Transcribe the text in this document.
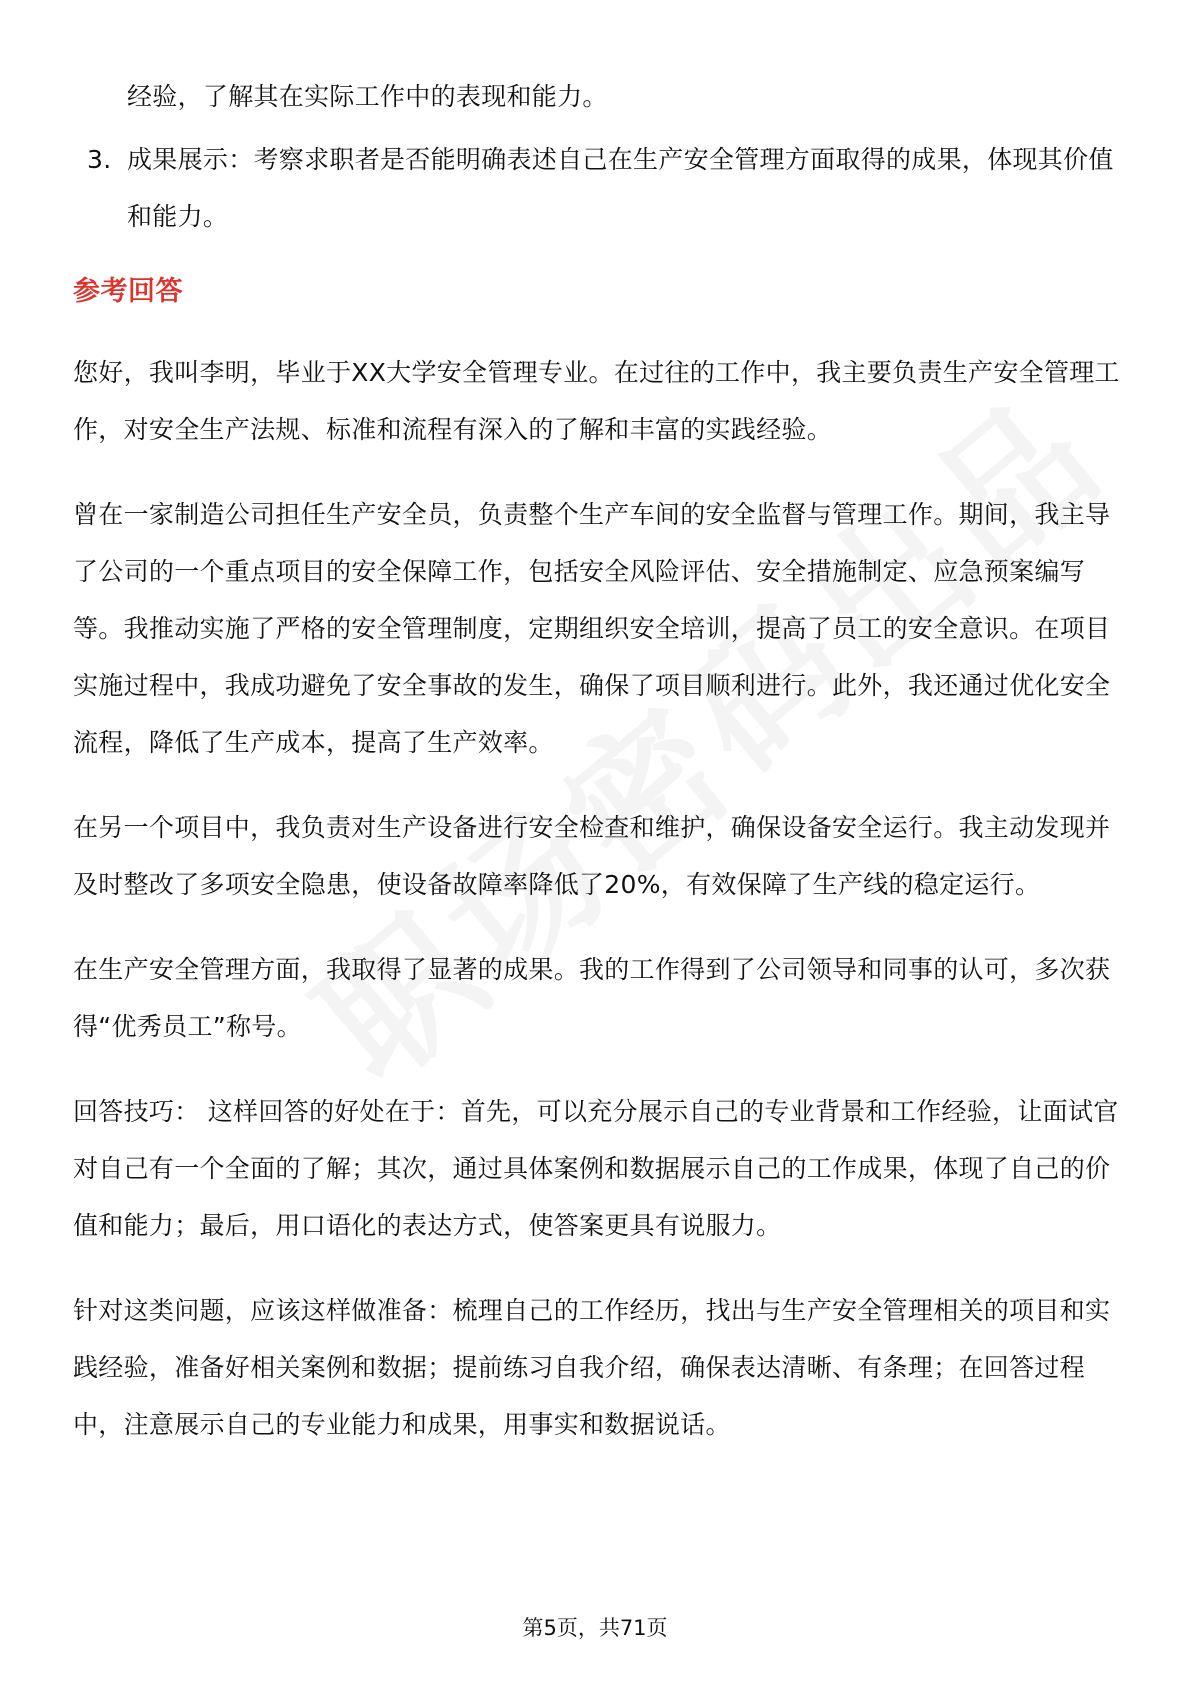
经验，了解其在实际工作中的表现和能力。
3. 成果展示：考察求职者是否能明确表述自己在生产安全管理方面取得的成果，体现其价值和能力。
参考回答

您好，我叫李明，毕业于XX大学安全管理专业。在过往的工作中，我主要负责生产安全管理工作，对安全生产法规、标准和流程有深入的了解和丰富的实践经验。

曾在一家制造公司担任生产安全员，负责整个生产车间的安全监督与管理工作。期间，我主导了公司的一个重点项目的安全保障工作，包括安全风险评估、安全措施制定、应急预案编写等。我推动实施了严格的安全管理制度，定期组织安全培训，提高了员工的安全意识。在项目实施过程中，我成功避免了安全事故的发生，确保了项目顺利进行。此外，我还通过优化安全流程，降低了生产成本，提高了生产效率。

在另一个项目中，我负责对生产设备进行安全检查和维护，确保设备安全运行。我主动发现并及时整改了多项安全隐患，使设备故障率降低了20%，有效保障了生产线的稳定运行。

在生产安全管理方面，我取得了显著的成果。我的工作得到了公司领导和同事的认可，多次获得“优秀员工”称号。

回答技巧： 这样回答的好处在于：首先，可以充分展示自己的专业背景和工作经验，让面试官对自己有一个全面的了解；其次，通过具体案例和数据展示自己的工作成果，体现了自己的价值和能力；最后，用口语化的表达方式，使答案更具有说服力。

针对这类问题，应该这样做准备：梳理自己的工作经历，找出与生产安全管理相关的项目和实践经验，准备好相关案例和数据；提前练习自我介绍，确保表达清晰、有条理；在回答过程中，注意展示自己的专业能力和成果，用事实和数据说话。

第5页，共71页
